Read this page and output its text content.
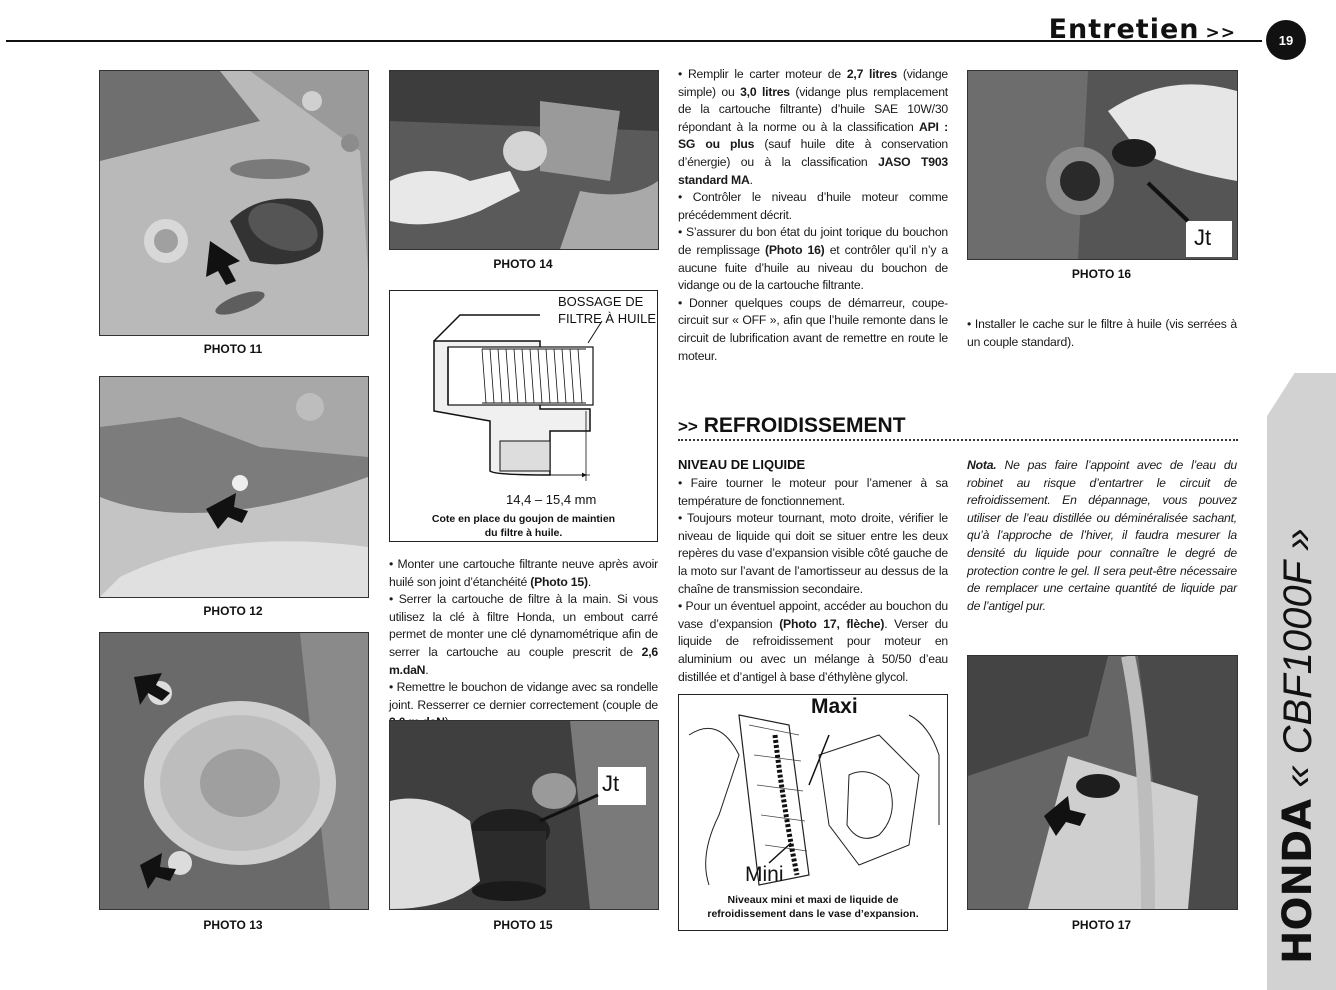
Entretien >>	19
HONDA « CBF1000F »
PHOTO 11
PHOTO 12
PHOTO 13
PHOTO 14
BOSSAGE DE
FILTRE À HUILE
14,4 – 15,4 mm
Cote en place du goujon de maintien
du filtre à huile.

• Monter une cartouche filtrante neuve après avoir huilé son joint d’étanchéité (Photo 15).

• Serrer la cartouche de filtre à la main. Si vous utilisez la clé à filtre Honda, un embout carré permet de monter une clé dynamométrique afin de serrer la cartouche au couple prescrit de 2,6 m.daN.

• Remettre le bouchon de vidange avec sa rondelle joint. Resserrer ce dernier correctement (couple de

Jt
PHOTO 15

• Remplir le carter moteur de 2,7 litres (vidange simple) ou 3,0 litres (vidange plus remplacement de la cartouche filtrante) d’huile SAE 10W/30 répondant à la norme ou à la classification API : SG ou plus (sauf huile dite à conservation d’énergie) ou à la classification JASO T903 standard MA.

• Contrôler le niveau d’huile moteur comme précédemment décrit.

• S’assurer du bon état du joint torique du bouchon de remplissage (Photo 16) et contrôler qu’il n’y a aucune fuite d’huile au niveau du bouchon de vidange ou de la cartouche filtrante.

• Donner quelques coups de démarreur, coupe-circuit sur « OFF », afin que l’huile remonte dans le circuit de lubrification avant de remettre en route le moteur.

Jt
PHOTO 16

• Installer le cache sur le filtre à huile (vis serrées à un couple standard).

>> REFROIDISSEMENT
NIVEAU DE LIQUIDE

• Faire tourner le moteur pour l’amener à sa température de fonctionnement.

• Toujours moteur tournant, moto droite, vérifier le niveau de liquide qui doit se situer entre les deux repères du vase d’expansion visible côté gauche de la moto sur l’avant de l’amortisseur au dessus de la chaîne de transmission secondaire.

• Pour un éventuel appoint, accéder au bouchon du vase d’expansion (Photo 17, flèche). Verser du liquide de refroidissement pour moteur en aluminium ou avec un mélange à 50/50 d’eau distillée et d’antigel à base d’éthylène glycol.

Nota. Ne pas faire l’appoint avec de l’eau du robinet au risque d’entartrer le circuit de refroidissement. En dépannage, vous pouvez utiliser de l’eau distillée ou déminéralisée sachant, qu’à l’approche de l’hiver, il faudra mesurer la densité du liquide pour connaître le degré de protection contre le gel. Il sera peut-être nécessaire de remplacer une certaine quantité de liquide par de l’antigel pur.

Maxi
Mini
Niveaux mini et maxi de liquide de
refroidissement dans le vase d’expansion.
PHOTO 17
